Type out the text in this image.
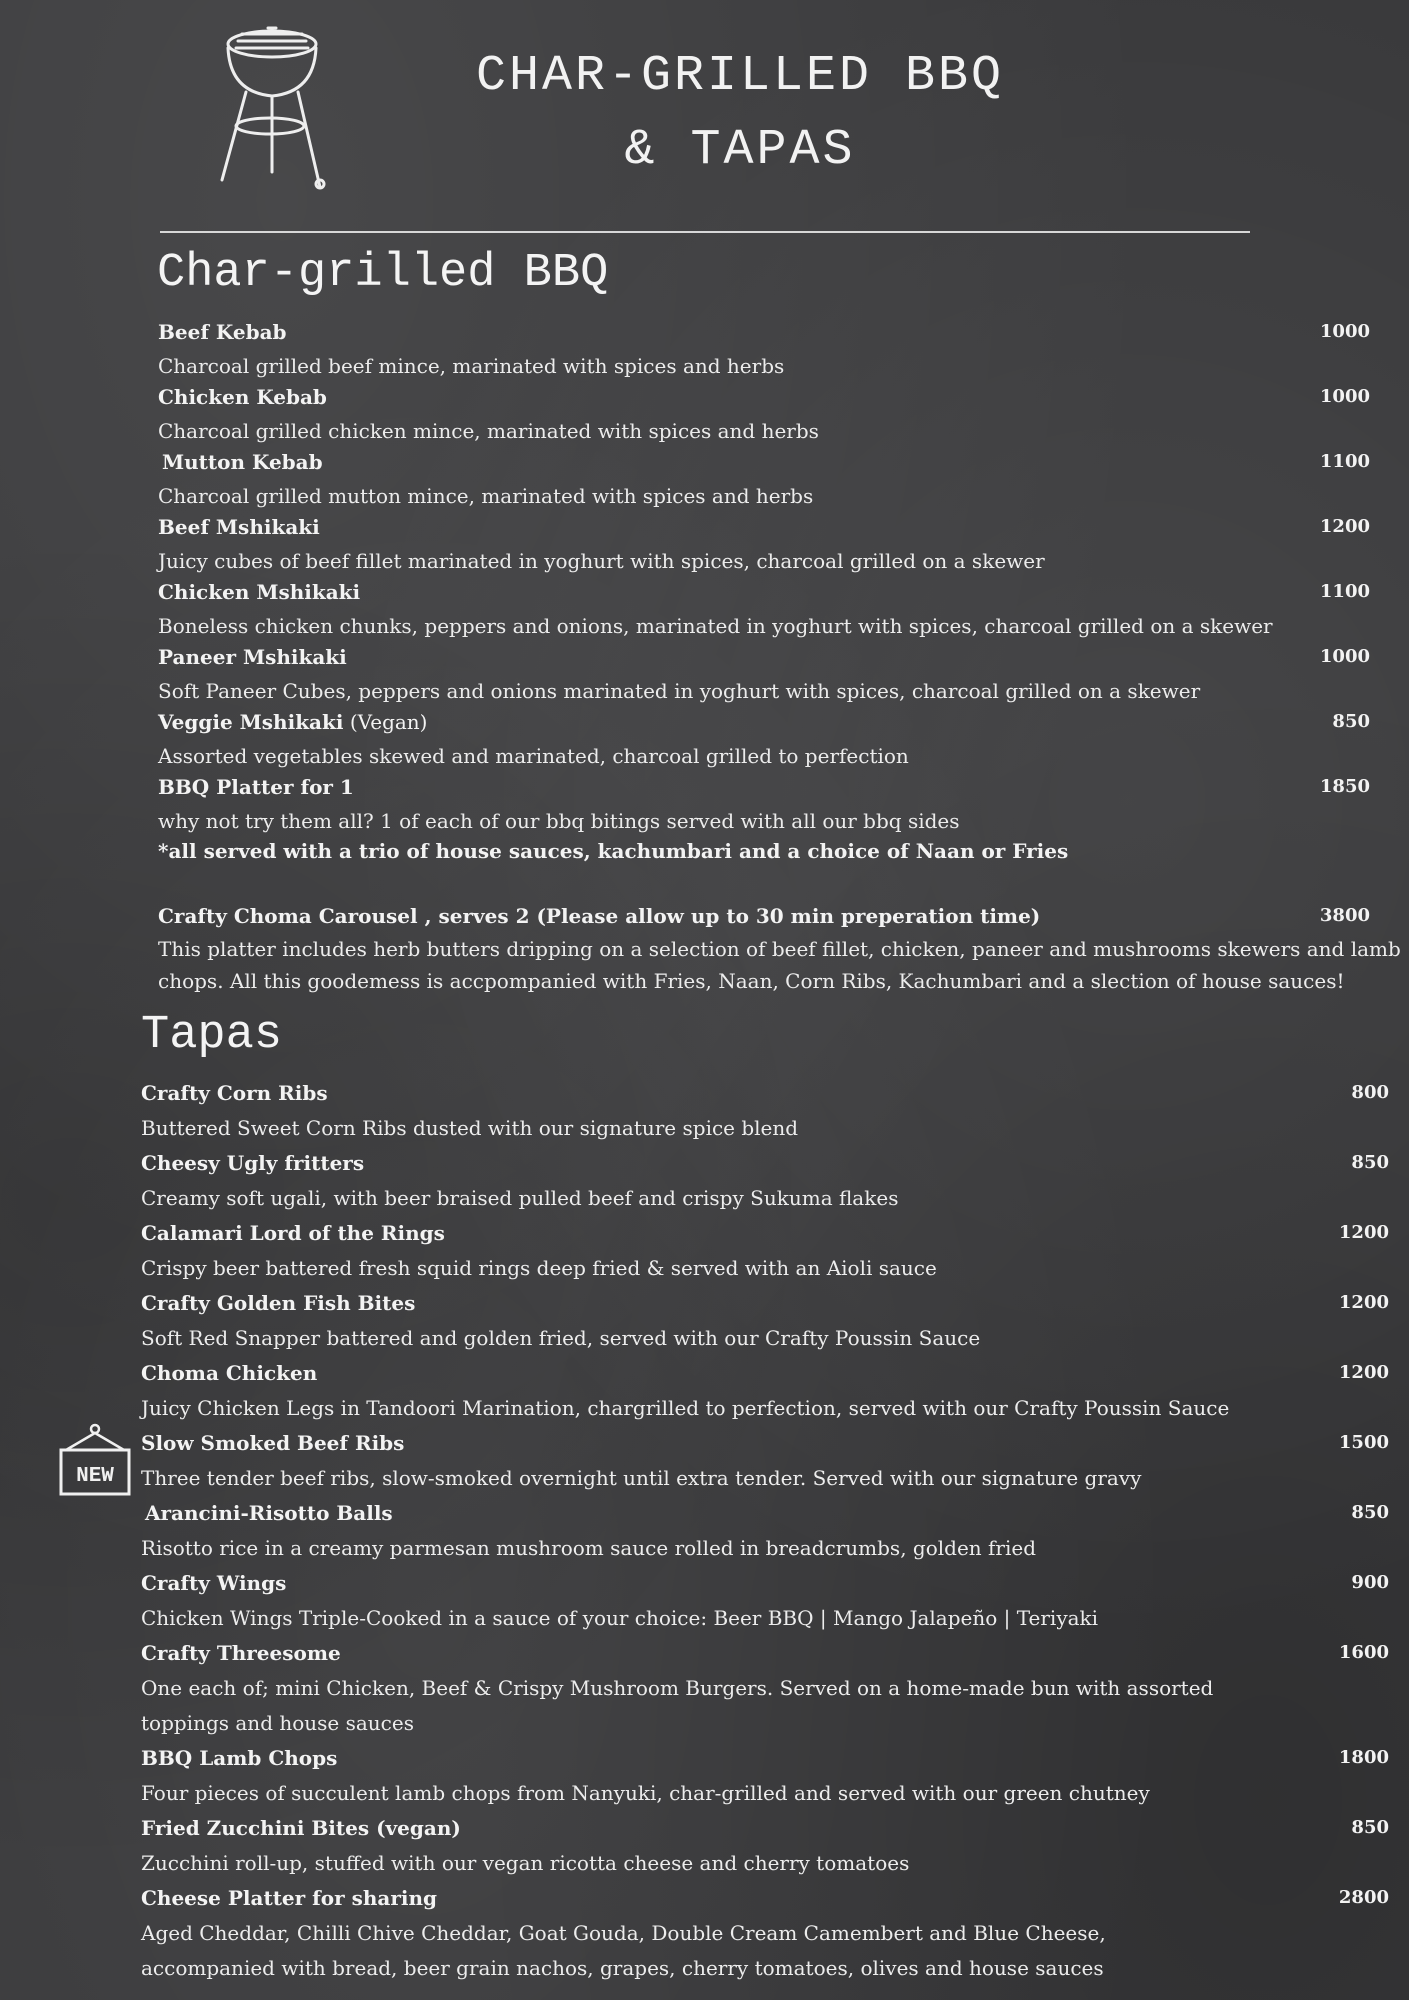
CHAR-GRILLED BBQ
& TAPAS
Char-grilled BBQ
Beef Kebab	1000
Charcoal grilled beef mince, marinated with spices and herbs
Chicken Kebab	1000
Charcoal grilled chicken mince, marinated with spices and herbs
Mutton Kebab	1100
Charcoal grilled mutton mince, marinated with spices and herbs
Beef Mshikaki	1200
Juicy cubes of beef fillet marinated in yoghurt with spices, charcoal grilled on a skewer
Chicken Mshikaki	1100
Boneless chicken chunks, peppers and onions, marinated in yoghurt with spices, charcoal grilled on a skewer
Paneer Mshikaki	1000
Soft Paneer Cubes, peppers and onions marinated in yoghurt with spices, charcoal grilled on a skewer
Veggie Mshikaki (Vegan)	850
Assorted vegetables skewed and marinated, charcoal grilled to perfection
BBQ Platter for 1	1850
why not try them all? 1 of each of our bbq bitings served with all our bbq sides
*all served with a trio of house sauces, kachumbari and a choice of Naan or Fries
Crafty Choma Carousel , serves 2 (Please allow up to 30 min preperation time)	3800
This platter includes herb butters dripping on a selection of beef fillet, chicken, paneer and mushrooms skewers and lamb
chops. All this goodemess is accpompanied with Fries, Naan, Corn Ribs, Kachumbari and a slection of house sauces!
Tapas
Crafty Corn Ribs	800
Buttered Sweet Corn Ribs dusted with our signature spice blend
Cheesy Ugly fritters	850
Creamy soft ugali, with beer braised pulled beef and crispy Sukuma flakes
Calamari Lord of the Rings	1200
Crispy beer battered fresh squid rings deep fried & served with an Aioli sauce
Crafty Golden Fish Bites	1200
Soft Red Snapper battered and golden fried, served with our Crafty Poussin Sauce
Choma Chicken	1200
Juicy Chicken Legs in Tandoori Marination, chargrilled to perfection, served with our Crafty Poussin Sauce
Slow Smoked Beef Ribs	1500
Three tender beef ribs, slow-smoked overnight until extra tender. Served with our signature gravy
Arancini-Risotto Balls	850
Risotto rice in a creamy parmesan mushroom sauce rolled in breadcrumbs, golden fried
Crafty Wings	900
Chicken Wings Triple-Cooked in a sauce of your choice: Beer BBQ | Mango Jalapeño | Teriyaki
Crafty Threesome	1600
One each of; mini Chicken, Beef & Crispy Mushroom Burgers. Served on a home-made bun with assorted
toppings and house sauces
BBQ Lamb Chops	1800
Four pieces of succulent lamb chops from Nanyuki, char-grilled and served with our green chutney
Fried Zucchini Bites (vegan)	850
Zucchini roll-up, stuffed with our vegan ricotta cheese and cherry tomatoes
Cheese Platter for sharing	2800
Aged Cheddar, Chilli Chive Cheddar, Goat Gouda, Double Cream Camembert and Blue Cheese,
accompanied with bread, beer grain nachos, grapes, cherry tomatoes, olives and house sauces
NEW
